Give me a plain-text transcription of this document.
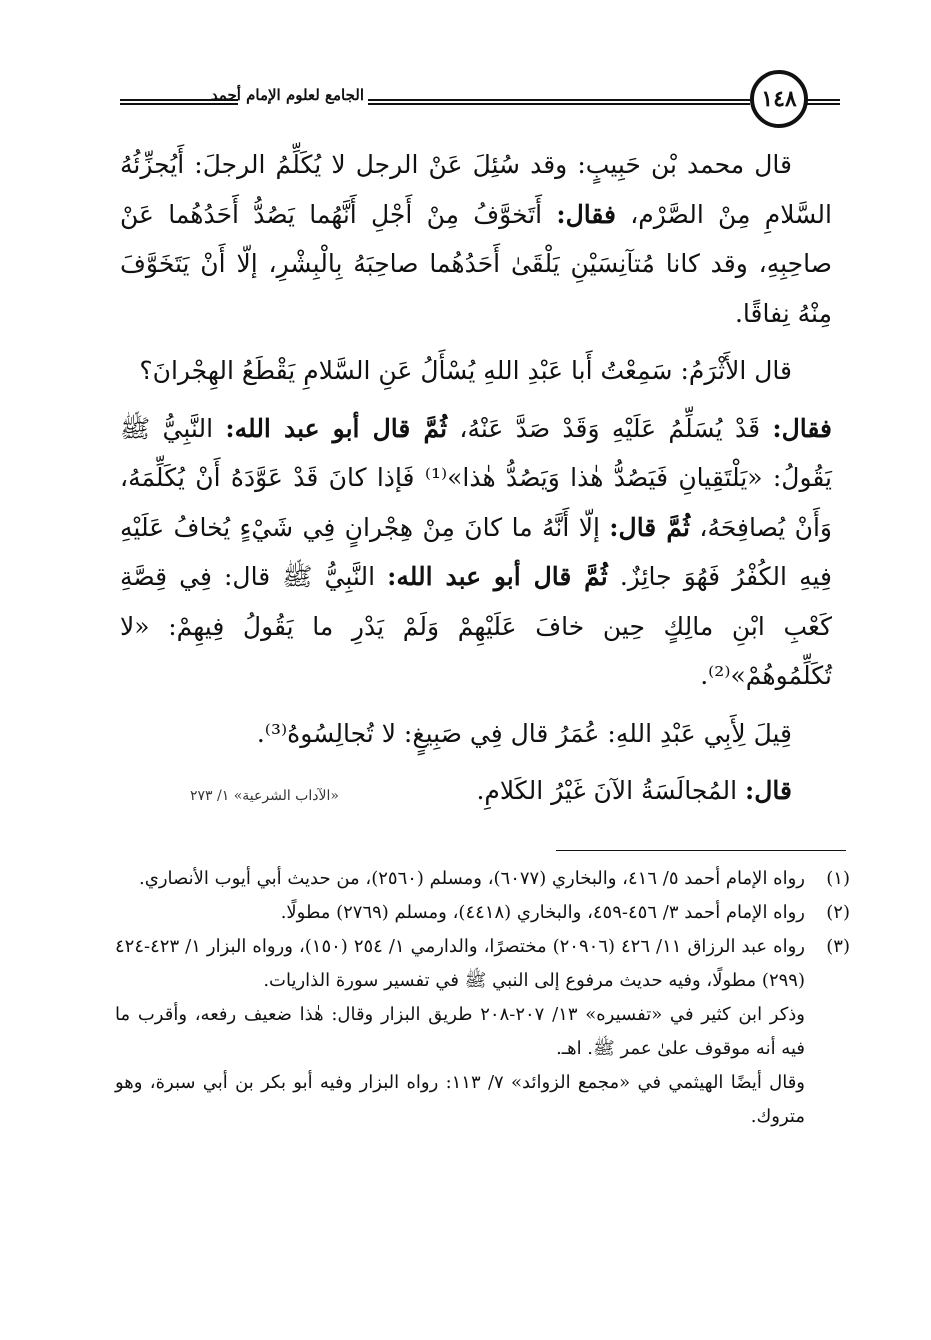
الجامع لعلوم الإمام أحمد	١٤٨

قال محمد بْن حَبِيبٍ: وقد سُئِلَ عَنْ الرجل لا يُكَلِّمُ الرجلَ: أَيُجزِّئُهُ السَّلامِ مِنْ الصَّرْم، فقال: أَتَخوَّفُ مِنْ أَجْلِ أَنَّهُما يَصُدُّ أَحَدُهُما عَنْ صاحِبِهِ، وقد كانا مُتآنِسَيْنِ يَلْقَىٰ أَحَدُهُما صاحِبَهُ بِالْبِشْرِ، إلّا أَنْ يَتَخَوَّفَ مِنْهُ نِفاقًا.

قال الأَثْرَمُ: سَمِعْتُ أَبا عَبْدِ اللهِ يُسْأَلُ عَنِ السَّلامِ يَقْطَعُ الهِجْرانَ؟

فقال: قَدْ يُسَلِّمُ عَلَيْهِ وَقَدْ صَدَّ عَنْهُ، ثُمَّ قال أبو عبد الله: النَّبِيُّ ﷺ يَقُولُ: «يَلْتَقِيانِ فَيَصُدُّ هٰذا وَيَصُدُّ هٰذا»⁽¹⁾ فَإذا كانَ قَدْ عَوَّدَهُ أَنْ يُكَلِّمَهُ، وَأَنْ يُصافِحَهُ، ثُمَّ قال: إلّا أَنَّهُ ما كانَ مِنْ هِجْرانٍ فِي شَيْءٍ يُخافُ عَلَيْهِ فِيهِ الكُفْرُ فَهُوَ جائِزٌ. ثُمَّ قال أبو عبد الله: النَّبِيُّ ﷺ قال: فِي قِصَّةِ كَعْبِ ابْنِ مالِكٍ حِين خافَ عَلَيْهِمْ وَلَمْ يَدْرِ ما يَقُولُ فِيهِمْ: «لا تُكَلِّمُوهُمْ»⁽²⁾.

قِيلَ لِأَبِي عَبْدِ اللهِ: عُمَرُ قال فِي صَبِيغٍ: لا تُجالِسُوهُ⁽³⁾.

قال: المُجالَسَةُ الآنَ غَيْرُ الكَلامِ.

«الآداب الشرعية» ١/ ٢٧٣
(١)
رواه الإمام أحمد ٥/ ٤١٦، والبخاري (٦٠٧٧)، ومسلم (٢٥٦٠)، من حديث أبي أيوب الأنصاري.
(٢)
رواه الإمام أحمد ٣/ ٤٥٦-٤٥٩، والبخاري (٤٤١٨)، ومسلم (٢٧٦٩) مطولًا.
(٣)
رواه عبد الرزاق ١١/ ٤٢٦ (٢٠٩٠٦) مختصرًا، والدارمي ١/ ٢٥٤ (١٥٠)، ورواه البزار ١/ ٤٢٣-٤٢٤ (٢٩٩) مطولًا، وفيه حديث مرفوع إلى النبي ﷺ في تفسير سورة الذاريات.
وذكر ابن كثير في «تفسيره» ١٣/ ٢٠٧-٢٠٨ طريق البزار وقال: هٰذا ضعيف رفعه، وأقرب ما فيه أنه موقوف علىٰ عمر ﷺ. اهـ.
وقال أيضًا الهيثمي في «مجمع الزوائد» ٧/ ١١٣: رواه البزار وفيه أبو بكر بن أبي سبرة، وهو متروك.
